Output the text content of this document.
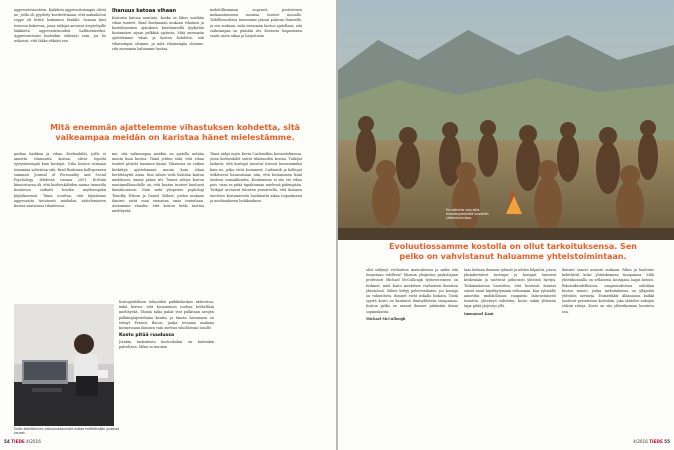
aggressiivisuuteen. Kaikkein aggressiivisimpia olivat ne, joilta oli pyydetty kovittelemaan, että maksikoton reppe oli hvittä loukannut henkilö. Samoin kävi toisessa kokeessa, jossa tutkijat antoivat ärsytettyille lääkkeitä aggressiivisuuden hallitsemiseksi. Aggressiivisuus kuitenkin vähentyi vain, jos he uskoivat, että lääke ehkäisi sen.

Ihanuus katoaa vihaan

Kostosta katoaa nautinto, koska se lähes mielään vihan tunteet. Brad Bushmanin mukaan vihainen ja kostohimoinen ajatuksen kiertämisellä tyydyttää kostamisen sijaan pelkkää ajatusta. Mitä enemmän ajattelemme vihan ja koston kohdetta, sitä vihaisempia olemme, ja mitä vihaisempia olemme, sitä enemmän haluamme kostaa.

mahdollisimman nopeasti, positiivinen mukaantuminen suuntaa tunteet muualle. Todellisuudessa tunnemme jäänsä palavan ihmiselle, ja sen mukaan, mitä enemmän kostoa ajatellaan, sitä vaikeampaa on päästää irti. Kostosta luopuminen vaatii usein aikaa ja harjoitusta.

Mitä enemmän ajattelemme vihastuksen kohdetta, sitä vaikeampaa meidän on karistaa hänet mielestämme.

purkaa kiukkua ja vihaa. Koehenkilöt, joille ei annettu tilaisuutta kostaa, olivat lopulta tyytyväisempiä kuin kostajat. Usko koston voimaan toimintaa vahvistaa sitä, Brad Bushman kollegoineen summasi Journal of Personality and Social Psychology -lehdessä vuonna 2001. Erittäin kiinnostavaa oli, että koehenkilöiden saama tunnetila kostaessa vaikutti heidän myöhempään käytökseensä. Tämä osoittaa, että käytämme aggressiota tietoisesti mielialan säätelemiseen kostoa vaativassa tilanteessa.

me, sitä vaikeampaa meidän on ajatella mitään muuta kuin kostoa. Tämä johtuu siitä, että vihan tunteet pitävät huomion kiinni. Vihaisena on vaikea keskittyä ajattelemaan muuta kuin vihan herättänyttä asiaa. Kun siihen vielä lisätään koston mielikuvat, emme pääse irti. Toinen selitys koston nautinnollisuudelle on, että koston tunteet kuuluvat ihmisluontoon. Näin mitä yliopiston psykologi Timothy Wilson ja Daniel Gilbert, joiden mukaan ihmiset eivät osaa ennustaa omia tunteitaan. Arvioimme ennalta, että koston hetki tuottaa mielihyvää.

Tämä näkyi myös Kevin Carlsmithin koeasetelmassa, jossa koehenkilöt saivat tilaisuuden kostaa. Tutkijat laskivat, että kostajat tunsivat itsensä huonommiksi kuin ne, jotka eivät kostaneet. Carlsmith ja kollegat tulkitsevat havaintoaan niin, että kostaminen lisää tunteen voimakkuutta. Kostaminen ei siis vie vihaa pois, vaan se pitää tapahtuman mielessä pidempään. Tutkijat arvioivat tulosten perusteella, että ihminen tarvitsee kostamisesta huolimatta aikaa toipuakseen ja unohtaakseen loukkauksen.

Selän kääntäminen pikkuloukkauksille auttaa mitättömään joutavat kaunat.

Kostopäätöksen tehneiden palkkiokeskus aktivoituu, mikä kertoo, että kostaminen tuottaa hetkellistä mielihyvää. Tämän takia pahat teot palkitaan aivojen palkkiojärjestelmän kautta, ja tämän havainnon on tehnyt Francis Bacon, jonka toteama mukaan kostaessaan ihminen vain asettuu vihollisensa tasolle.

Kosto pitää ruudussa

Jotakin tarkoitusta kostonhalun on kuitenkin palveltava. Miksi se muuten

54 TIEDE 4/2016
Esi-isämme vaurailta metsästyskävittä toivottiin yhteistoimintaa.
Evoluutiossamme kostolla on ollut tarkoituksensa. Sen pelko on vahvistanut haluamme yhteistoimintaan.

olisi säilynyt evoluution muutoksessa ja miksi sitä tunnetaan edelleen? Miamin yliopiston psykologian professori Michael McCullough työtovereineen on tutkinut, mitä kosto merkitsee varhaisten ihmisten yhteisössä. Siihen liittyy pelotevaikutus: jos kostaja on vakuuttava, ihmiset eivät uskalla loukata. Tästä syystä kosto on kantanut ihmisyhteisön tasapainoa. Koston pelko on saanut ihmiset pitämään kiinni sopimuksista.

Michael McCullough

taas kolmen ihmisen ryhmät ja niiden kilpailut, joissa yksinkertaiset tuottajat ja kostajat toimivat keskenään ja tuottivat jatkuvasti yhteistä hyötyä. Tutkimuksessa havaittiin, että kostavat ihmiset saivat muut käyttäytymään reilummin. Kun ryhmälle annettiin mahdollisuus rangaista lainvastaisesti toimivia, yhteistyö vahvistui. Kosto onkin yhteisön tapa pitää järjestys yllä.

Immanuel Kant

ihmiset saavat asioista mukaan. Rikos ja koulutus kehittävät koko yhteiskunnan tasapainoa. Sillä yhteiskunnalla on sellaisena kostajana laajat keinot. Rikosoikeudellisessa rangaistuksessa nähdään koston muoto, jonka tarkoituksena on ylläpitää yhteisön normeja. Esimerkiksi Albaniassa kaikki tuntevat perinteisen kostolain, joka säätelee sukujen välisiä riitoja. Kosto on siis yhteiskunnan luonteva osa.

4/2016 TIEDE 55
